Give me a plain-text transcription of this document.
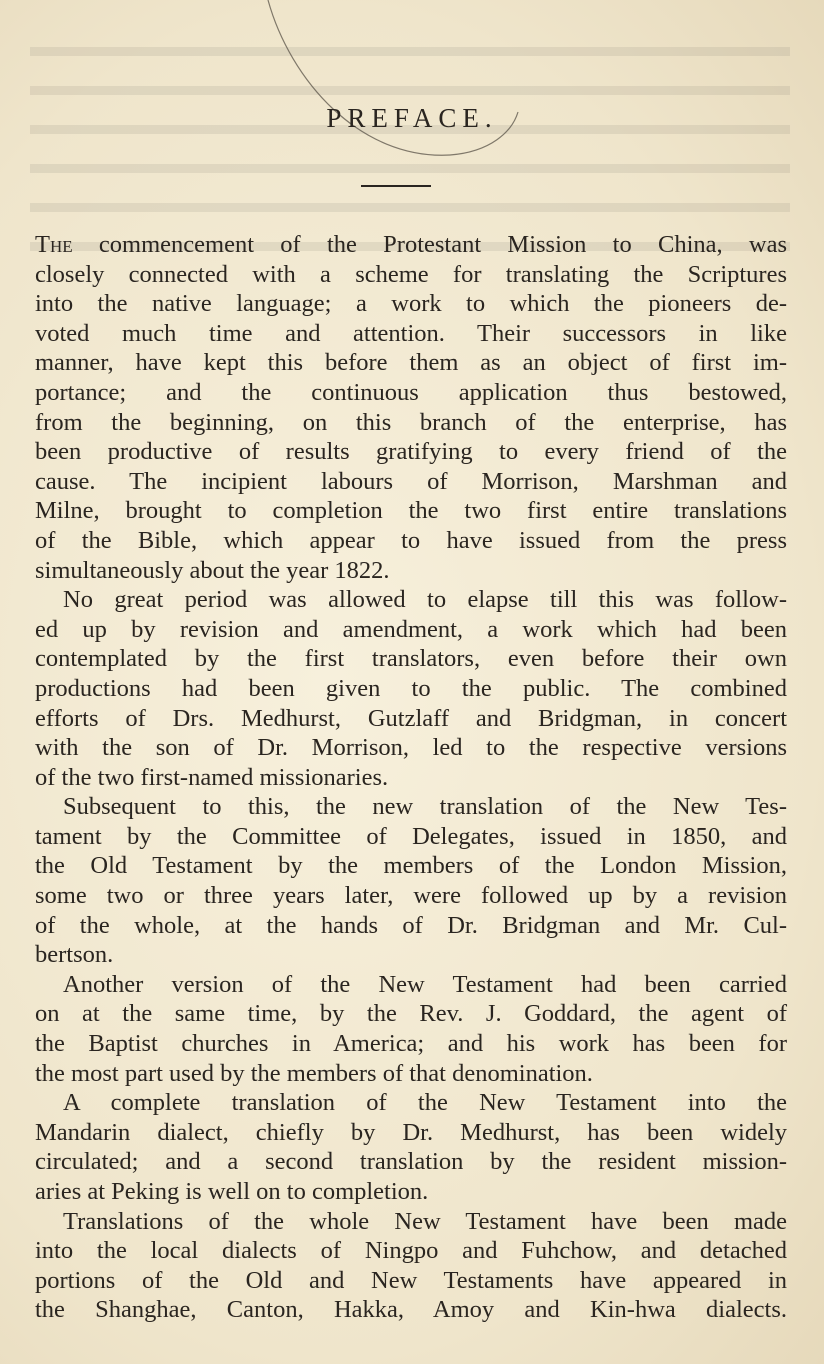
PREFACE.

The commencement of the Protestant Mission to China, was
closely connected with a scheme for translating the Scriptures
into the native language; a work to which the pioneers de-
voted much time and attention. Their successors in like
manner, have kept this before them as an object of first im-
portance; and the continuous application thus bestowed,
from the beginning, on this branch of the enterprise, has
been productive of results gratifying to every friend of the
cause. The incipient labours of Morrison, Marshman and
Milne, brought to completion the two first entire translations
of the Bible, which appear to have issued from the press
simultaneously about the year 1822.

No great period was allowed to elapse till this was follow-
ed up by revision and amendment, a work which had been
contemplated by the first translators, even before their own
productions had been given to the public. The combined
efforts of Drs. Medhurst, Gutzlaff and Bridgman, in concert
with the son of Dr. Morrison, led to the respective versions
of the two first-named missionaries.

Subsequent to this, the new translation of the New Tes-
tament by the Committee of Delegates, issued in 1850, and
the Old Testament by the members of the London Mission,
some two or three years later, were followed up by a revision
of the whole, at the hands of Dr. Bridgman and Mr. Cul-
bertson.

Another version of the New Testament had been carried
on at the same time, by the Rev. J. Goddard, the agent of
the Baptist churches in America; and his work has been for
the most part used by the members of that denomination.

A complete translation of the New Testament into the
Mandarin dialect, chiefly by Dr. Medhurst, has been widely
circulated; and a second translation by the resident mission-
aries at Peking is well on to completion.

Translations of the whole New Testament have been made
into the local dialects of Ningpo and Fuhchow, and detached
portions of the Old and New Testaments have appeared in
the Shanghae, Canton, Hakka, Amoy and Kin-hwa dialects.
